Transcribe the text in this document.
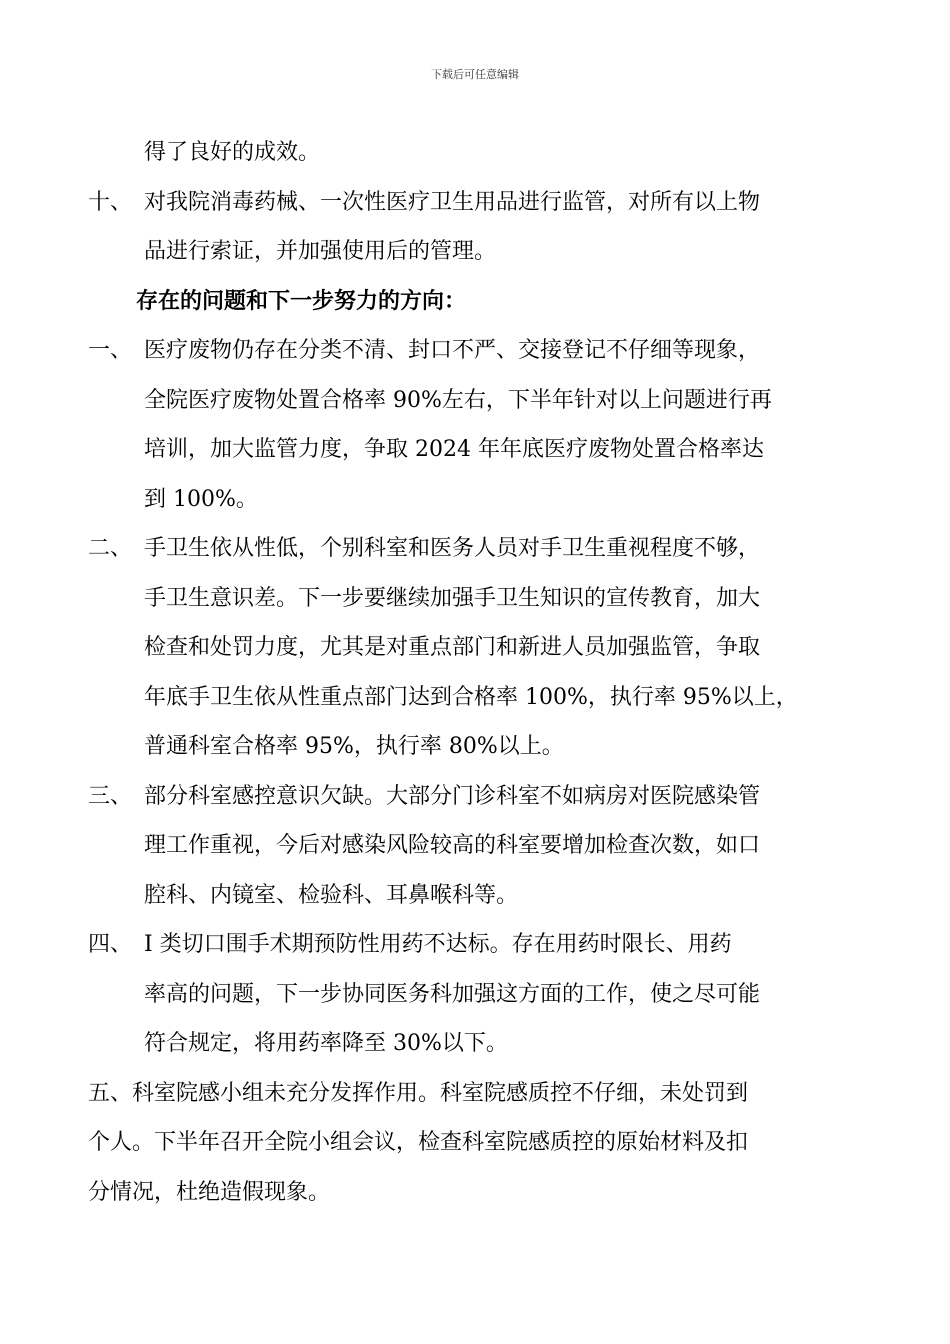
下载后可任意编辑
得了良好的成效。
十、 对我院消毒药械、一次性医疗卫生用品进行监管，对所有以上物
品进行索证，并加强使用后的管理。
存在的问题和下一步努力的方向：
一、 医疗废物仍存在分类不清、封口不严、交接登记不仔细等现象，
全院医疗废物处置合格率 90%左右，下半年针对以上问题进行再
培训，加大监管力度，争取 2024 年年底医疗废物处置合格率达
到 100%。
二、 手卫生依从性低，个别科室和医务人员对手卫生重视程度不够，
手卫生意识差。下一步要继续加强手卫生知识的宣传教育，加大
检查和处罚力度，尤其是对重点部门和新进人员加强监管，争取
年底手卫生依从性重点部门达到合格率 100%，执行率 95%以上，
普通科室合格率 95%，执行率 80%以上。
三、 部分科室感控意识欠缺。大部分门诊科室不如病房对医院感染管
理工作重视，今后对感染风险较高的科室要增加检查次数，如口
腔科、内镜室、检验科、耳鼻喉科等。
四、 Ⅰ 类切口围手术期预防性用药不达标。存在用药时限长、用药
率高的问题，下一步协同医务科加强这方面的工作，使之尽可能
符合规定，将用药率降至 30%以下。
五、科室院感小组未充分发挥作用。科室院感质控不仔细，未处罚到
个人。下半年召开全院小组会议，检查科室院感质控的原始材料及扣
分情况，杜绝造假现象。
